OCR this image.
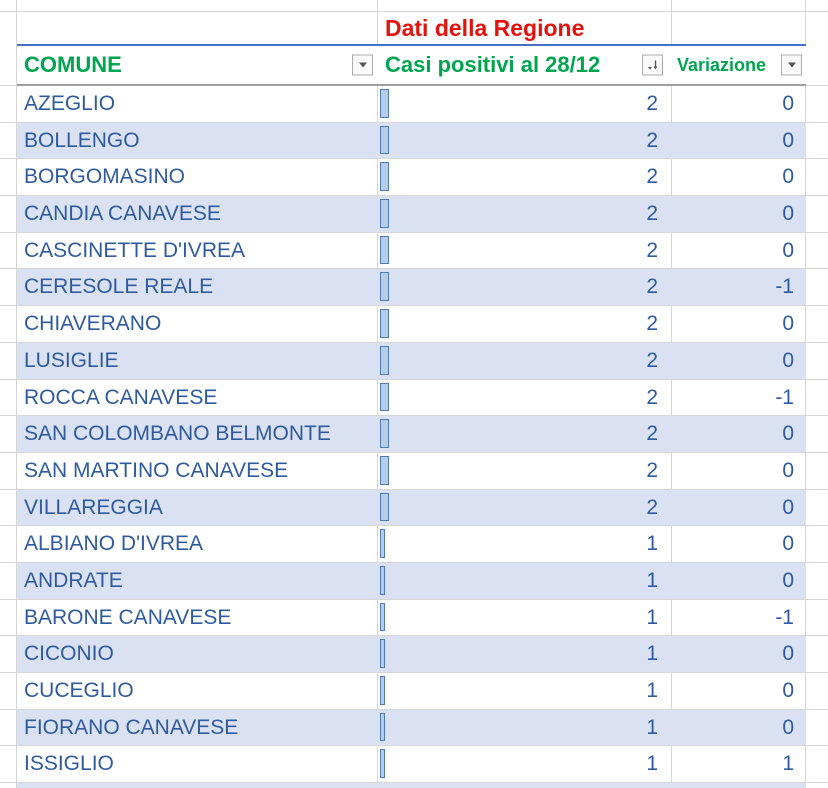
Dati della Regione
COMUNE	Casi positivi al 28/12	Variazione
AZEGLIO	2	0
BOLLENGO	2	0
BORGOMASINO	2	0
CANDIA CANAVESE	2	0
CASCINETTE D'IVREA	2	0
CERESOLE REALE	2	-1
CHIAVERANO	2	0
LUSIGLIE	2	0
ROCCA CANAVESE	2	-1
SAN COLOMBANO BELMONTE	2	0
SAN MARTINO CANAVESE	2	0
VILLAREGGIA	2	0
ALBIANO D'IVREA	1	0
ANDRATE	1	0
BARONE CANAVESE	1	-1
CICONIO	1	0
CUCEGLIO	1	0
FIORANO CANAVESE	1	0
ISSIGLIO	1	1
